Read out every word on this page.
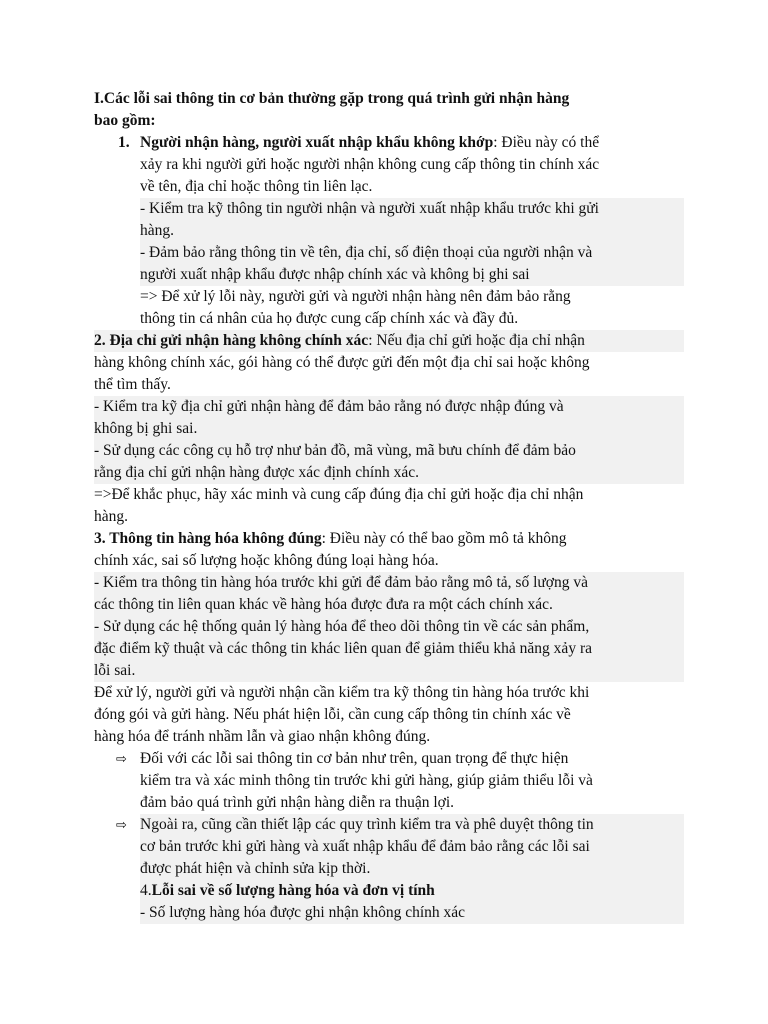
I.Các lỗi sai thông tin cơ bản thường gặp trong quá trình gửi nhận hàng
bao gồm:
1. Người nhận hàng, người xuất nhập khẩu không khớp: Điều này có thể
xảy ra khi người gửi hoặc người nhận không cung cấp thông tin chính xác
về tên, địa chỉ hoặc thông tin liên lạc.
- Kiểm tra kỹ thông tin người nhận và người xuất nhập khẩu trước khi gửi
hàng.
- Đảm bảo rằng thông tin về tên, địa chỉ, số điện thoại của người nhận và
người xuất nhập khẩu được nhập chính xác và không bị ghi sai
=> Để xử lý lỗi này, người gửi và người nhận hàng nên đảm bảo rằng
thông tin cá nhân của họ được cung cấp chính xác và đầy đủ.
2. Địa chỉ gửi nhận hàng không chính xác: Nếu địa chỉ gửi hoặc địa chỉ nhận
hàng không chính xác, gói hàng có thể được gửi đến một địa chỉ sai hoặc không
thể tìm thấy.
- Kiểm tra kỹ địa chỉ gửi nhận hàng để đảm bảo rằng nó được nhập đúng và
không bị ghi sai.
- Sử dụng các công cụ hỗ trợ như bản đồ, mã vùng, mã bưu chính để đảm bảo
rằng địa chỉ gửi nhận hàng được xác định chính xác.
=>Để khắc phục, hãy xác minh và cung cấp đúng địa chỉ gửi hoặc địa chỉ nhận
hàng.
3. Thông tin hàng hóa không đúng: Điều này có thể bao gồm mô tả không
chính xác, sai số lượng hoặc không đúng loại hàng hóa.
- Kiểm tra thông tin hàng hóa trước khi gửi để đảm bảo rằng mô tả, số lượng và
các thông tin liên quan khác về hàng hóa được đưa ra một cách chính xác.
- Sử dụng các hệ thống quản lý hàng hóa để theo dõi thông tin về các sản phẩm,
đặc điểm kỹ thuật và các thông tin khác liên quan để giảm thiểu khả năng xảy ra
lỗi sai.
Để xử lý, người gửi và người nhận cần kiểm tra kỹ thông tin hàng hóa trước khi
đóng gói và gửi hàng. Nếu phát hiện lỗi, cần cung cấp thông tin chính xác về
hàng hóa để tránh nhầm lẫn và giao nhận không đúng.
⇨ Đối với các lỗi sai thông tin cơ bản như trên, quan trọng để thực hiện
kiểm tra và xác minh thông tin trước khi gửi hàng, giúp giảm thiểu lỗi và
đảm bảo quá trình gửi nhận hàng diễn ra thuận lợi.
⇨ Ngoài ra, cũng cần thiết lập các quy trình kiểm tra và phê duyệt thông tin
cơ bản trước khi gửi hàng và xuất nhập khẩu để đảm bảo rằng các lỗi sai
được phát hiện và chỉnh sửa kịp thời.
4.Lỗi sai về số lượng hàng hóa và đơn vị tính
- Số lượng hàng hóa được ghi nhận không chính xác
